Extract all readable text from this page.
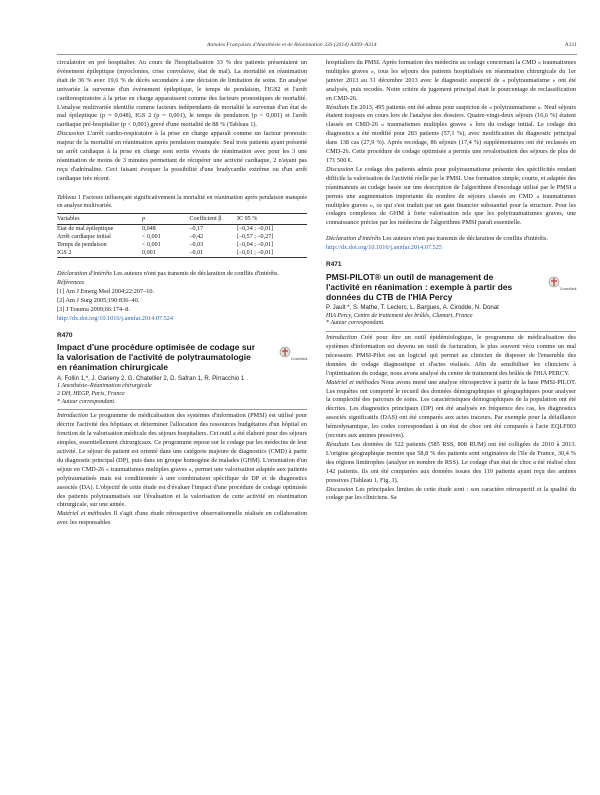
Annales Françaises d'Anesthésie et de Réanimation 33S (2014) A309–A314	A311

circulatoire en pré hospitalier. Au cours de l'hospitalisation 33 % des patients présentaient un évènement épileptique (myoclonies, crise convulsive, état de mal). La mortalité en réanimation était de 36 % avec 19,6 % de décès secondaire à une décision de limitation de soins. En analyse univariée la survenue d'un évènement épileptique, le temps de pendaison, l'IGS2 et l'arrêt cardiorespiratoire à la prise en charge apparaissent comme des facteurs pronostiques de mortalité. L'analyse multivariée identifie comme facteurs indépendants de mortalité la survenue d'un état de mal épileptique (p = 0,048), IGS 2 (p = 0,001), le temps de pendaison (p < 0,001) et l'arrêt cardiaque pré-hospitalier (p < 0,001) grevé d'une mortalité de 88 % (Tableau 1).

Discussion L'arrêt cardio-respiratoire à la prise en charge apparaît comme un facteur pronostic majeur de la mortalité en réanimation après pendaison manquée. Seul trois patients ayant présenté un arrêt cardiaque à la prise en charge sont sortis vivants de réanimation avec pour les 3 une réanimation de moins de 3 minutes permettant de récupérer une activité cardiaque, 2 n'ayant pas reçu d'adrénaline. Ceci faisant évoquer la possibilité d'une bradycardie extrême ou d'un arrêt cardiaque très récent.

Tableau 1 Facteurs influençant significativement la mortalité en réanimation après pendaison manquée en analyse multivariée.

Variables	p	Coefficient β	IC 95 %
Etat de mal épileptique	0,048	–0,17	[–0,34 ; –0,01]
Arrêt cardiaque initial	< 0,001	–0,42	[–0,57 ; –0,27]
Temps de pendaison	< 0,001	–0,03	[–0,04 ; –0,01]
IGS 2	0,001	–0,01	[–0,01 ; –0,01]

Déclaration d'intérêts Les auteurs n'ont pas transmis de déclaration de conflits d'intérêts.

Références

[1] Am J Emerg Med 2004;22:207–10.

[2] Am J Surg 2005;190:836–40.

[3] J Trauma 2009;66:174–8.

http://dx.doi.org/10.1016/j.annfar.2014.07.524

R470
Impact d'une procédure optimisée de codage sur la valorisation de l'activité de polytraumatologie en réanimation chirurgicale
CrossMark

A. Follin 1,*, J. Garieny 2, G. Chatellier 2, D. Safran 1, R. Pirracchio 1

1 Anesthésie–Réanimation chirurgicale

2 DH, HEGP, Paris, France

* Auteur correspondant.

Introduction Le programme de médicalisation des systèmes d'information (PMSI) est utilisé pour décrire l'activité des hôpitaux et déterminer l'allocation des ressources budgétaires d'un hôpital en fonction de la valorisation médicale des séjours hospitaliers. Cet outil a été élaboré pour des séjours simples, essentiellement chirurgicaux. Ce programme repose sur le codage par les médecins de leur activité. Le séjour du patient est orienté dans une catégorie majeure de diagnostics (CMD) à partir du diagnostic principal (DP), puis dans un groupe homogène de malades (GHM). L'orientation d'un séjour en CMD-26 « traumatismes multiples graves », permet une valorisation adaptée aux patients polytraumatisés mais est conditionnée à une combinaison spécifique de DP et de diagnostics associés (DA). L'objectif de cette étude est d'évaluer l'impact d'une procédure de codage optimisée des patients polytraumatisés sur l'évaluation et la valorisation de cette activité en réanimation chirurgicale, sur une année.

Matériel et méthodes Il s'agit d'une étude rétrospective observationnelle réalisée en collaboration avec les responsables

hospitaliers du PMSI. Après formation des médecins au codage concernant la CMD « traumatismes multiples graves », tous les séjours des patients hospitalisés en réanimation chirurgicale du 1er janvier 2013 au 31 décembre 2013 avec le diagnostic suspecté de « polytraumatisme » ont été analysés, puis recodés. Notre critère de jugement principal était le pourcentage de reclassification en CMD-26.

Résultats En 2013, 495 patients ont été admis pour suspicion de « polytraumatisme ». Neuf séjours étaient toujours en cours lors de l'analyse des dossiers. Quatre-vingt-deux séjours (16,6 %) étaient classés en CMD-26 « traumatismes multiples graves » lors du codage initial. Le codage des diagnostics a été modifié pour 283 patients (57,1 %), avec modification du diagnostic principal dans 138 cas (27,9 %). Après recodage, 86 séjours (17,4 %) supplémentaires ont été reclassés en CMD-26. Cette procédure de codage optimisée a permis une revalorisation des séjours de plus de 171 500 €.

Discussion Le codage des patients admis pour polytraumatisme présente des spécificités rendant difficile la valorisation de l'activité réelle par le PMSI. Une formation simple, courte, et adaptée des réanimateurs au codage basée sur une description de l'algorithme d'encodage utilisé par le PMSI a permis une augmentation importante du nombre de séjours classés en CMD « traumatismes multiples graves », ce qui s'est traduit par un gain financier substantiel pour la structure. Pour les codages complexes de GHM à forte valorisation tels que les polytraumatismes graves, une connaissance précise par les médecins de l'algorithme PMSI paraît essentielle.

Déclaration d'intérêts Les auteurs n'ont pas transmis de déclaration de conflits d'intérêts.

http://dx.doi.org/10.1016/j.annfar.2014.07.525

R471
PMSI-PILOT® un outil de management de l'activité en réanimation : exemple à partir des données du CTB de l'HIA Percy
CrossMark

P. Jault *, S. Mathe, T. Leclerc, L. Bargues, A. Cirodde, N. Donat

HIA Percy, Centre de traitement des brûlés, Clamart, France

* Auteur correspondant.

Introduction Créé pour être un outil épidémiologique, le programme de médicalisation des systèmes d'information est devenu un outil de facturation, le plus souvent vécu comme un mal nécessaire. PMSI-Pilot est un logiciel qui permet au clinicien de disposer de l'ensemble des données de codage diagnostique et d'actes réalisés. Afin de sensibiliser les cliniciens à l'optimisation du codage, nous avons analysé du centre de traitement des brûlés de l'HIA PERCY.

Matériel et méthodes Nous avons mené une analyse rétrospective à partir de la base PMSI-PILOT. Les requêtes ont comporté le recueil des données démographiques et géographiques pour analyser la complexité des parcours de soins. Les caractéristiques démographiques de la population ont été décrites. Les diagnostics principaux (DP) ont été analysés en fréquence des cas, les diagnostics associés significatifs (DAS) ont été comparés aux actes traceurs. Par exemple pour la défaillance hémodynamique, les codes correspondant à un état de choc ont été comparés à l'acte EQLF003 (recours aux amines pressives).

Résultats Les données de 522 patients (585 RSS, 808 RUM) ont été colligées de 2010 à 2013. L'origine géographique montre que 58,8 % des patients sont originaires de l'Ile de France, 30,4 % des régions limitrophes (analyse en nombre de RSS). Le codage d'un état de choc a été réalisé chez 142 patients. Ils ont été comparées aux données issues des 110 patients ayant reçu des amines pressives (Tableau 1, Fig. 1).

Discussion Les principales limites de cette étude sont : son caractère rétrospectif et la qualité du codage par les cliniciens. Sa
